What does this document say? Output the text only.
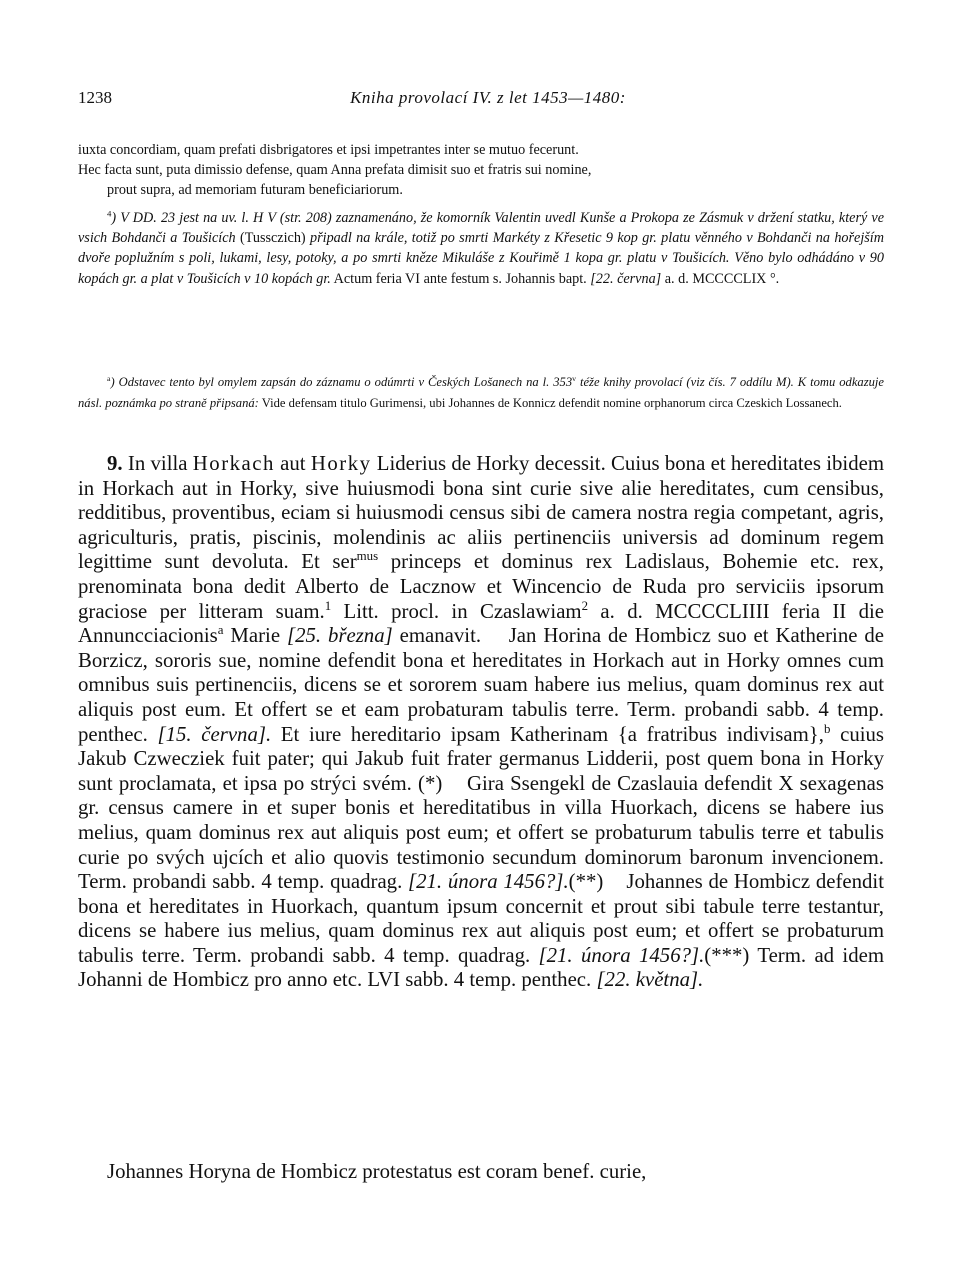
1238	Kniha provolací IV. z let 1453—1480:
iuxta concordiam, quam prefati disbrigatores et ipsi impetrantes inter se mutuo fecerunt.
Hec facta sunt, puta dimissio defense, quam Anna prefata dimisit suo et fratris sui nomine,
prout supra, ad memoriam futuram beneficiariorum.
$^4$) V DD. 23 jest na uv. l. H V (str. 208) zaznamenáno, že komorník Valentin uvedl Kunše a Prokopa ze Zásmuk v držení statku, který ve vsich Bohdanči a Toušicích (Tussczich) připadl na krále, totiž po smrti Markéty z Křesetic 9 kop gr. platu věnného v Bohdanči na hořejším dvoře poplužním s poli, lukami, lesy, potoky, a po smrti kněze Mikuláše z Kouřimě 1 kopa gr. platu v Toušicích. Věno bylo odhádáno v 90 kopách gr. a plat v Toušicích v 10 kopách gr. Actum feria VI ante festum s. Johannis bapt. [22. června] a. d. MCCCCLIX °.
$^a$) Odstavec tento byl omylem zapsán do záznamu o odúmrti v Českých Lošanech na l. 353$^v$ téže knihy provolací (viz čís. 7 oddílu M). K tomu odkazuje násl. poznámka po straně připsaná: Vide defensam titulo Gurimensi, ubi Johannes de Konnicz defendit nomine orphanorum circa Czeskich Lossanech.
9. In villa Horkach aut Horky Liderius de Horky decessit. Cuius bona et hereditates ibidem in Horkach aut in Horky, sive huiusmodi bona sint curie sive alie hereditates, cum censibus, redditibus, proventibus, eciam si huiusmodi census sibi de camera nostra regia competant, agris, agriculturis, pratis, piscinis, molendinis ac aliis pertinenciis universis ad dominum regem legittime sunt devoluta. Et ser$^{mus}$ princeps et dominus rex Ladislaus, Bohemie etc. rex, prenominata bona dedit Alberto de Lacznow et Wincencio de Ruda pro serviciis ipsorum graciose per litteram suam.$^1$ Litt. procl. in Czaslawiam$^2$ a. d. MCCCCLIIII feria II die Annuncciacionis$^a$ Marie [25. března] emanavit.    Jan Horina de Hombicz suo et Katherine de Borzicz, sororis sue, nomine defendit bona et hereditates in Horkach aut in Horky omnes cum omnibus suis pertinenciis, dicens se et sororem suam habere ius melius, quam dominus rex aut aliquis post eum. Et offert se et eam probaturam tabulis terre. Term. probandi sabb. 4 temp. penthec. [15. června]. Et iure hereditario ipsam Katherinam {a fratribus indivisam},$^b$ cuius Jakub Czweczіek fuit pater; qui Jakub fuit frater germanus Lidderii, post quem bona in Horky sunt proclamata, et ipsa po strýci svém. (*)    Gira Ssengekl de Czaslauia defendit X sexagenas gr. census camere in et super bonis et hereditatibus in villa Huorkach, dicens se habere ius melius, quam dominus rex aut aliquis post eum; et offert se probaturum tabulis terre et tabulis curie po svých ujcích et alio quovis testimonio secundum dominorum baronum invencionem. Term. probandi sabb. 4 temp. quadrag. [21. února 1456?].(**)    Johannes de Hombicz defendit bona et hereditates in Huorkach, quantum ipsum concernit et prout sibi tabule terre testantur, dicens se habere ius melius, quam dominus rex aut aliquis post eum; et offert se probaturum tabulis terre. Term. probandi sabb. 4 temp. quadrag. [21. února 1456?].(***) Term. ad idem Johanni de Hombicz pro anno etc. LVI sabb. 4 temp. penthec. [22. května].
Johannes Horyna de Hombicz protestatus est coram benef. curie,
